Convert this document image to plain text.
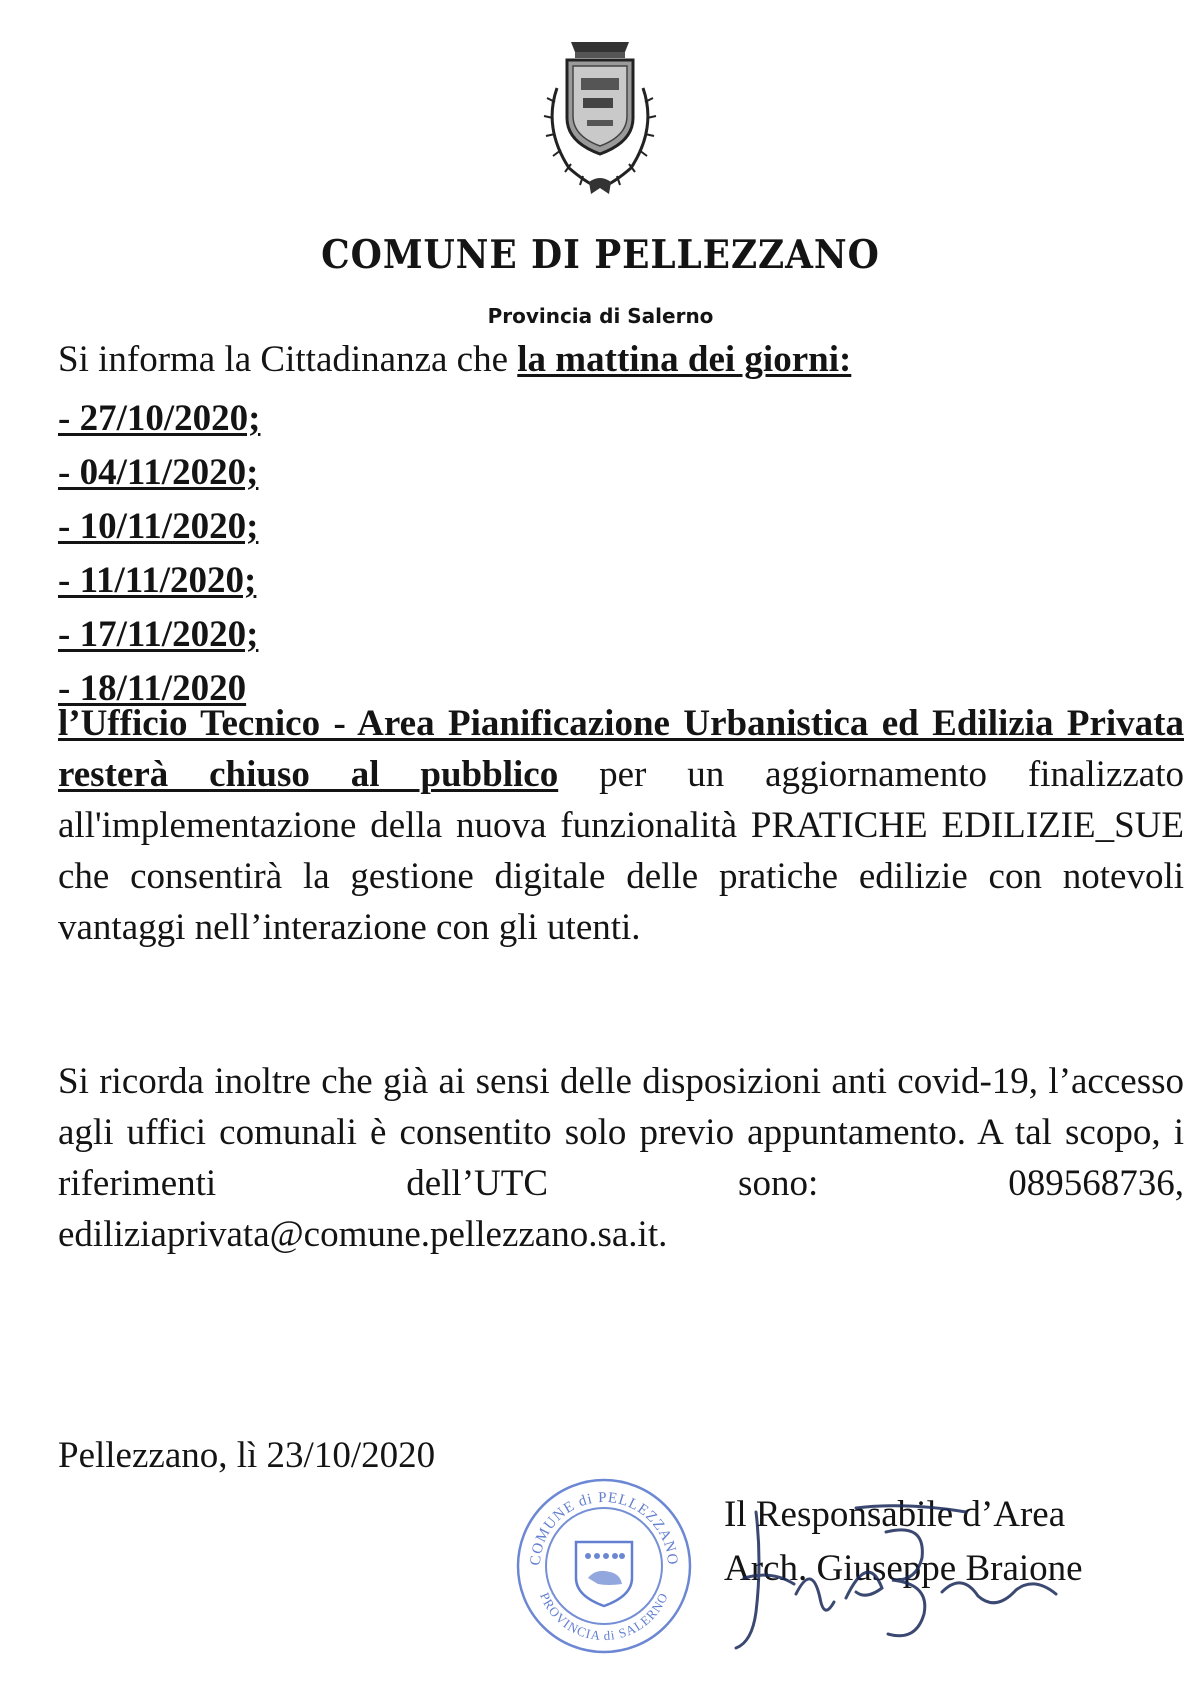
COMUNE DI PELLEZZANO
Provincia di Salerno
Si informa la Cittadinanza che la mattina dei giorni:
- 27/10/2020;
- 04/11/2020;
- 10/11/2020;
- 11/11/2020;
- 17/11/2020;
- 18/11/2020

l’Ufficio Tecnico - Area Pianificazione Urbanistica ed Edilizia Privata resterà chiuso al pubblico per un aggiornamento finalizzato all'implementazione della nuova funzionalità PRATICHE EDILIZIE_SUE che consentirà la gestione digitale delle pratiche edilizie con notevoli vantaggi nell’interazione con gli utenti.

Si ricorda inoltre che già ai sensi delle disposizioni anti covid-19, l’accesso agli uffici comunali è consentito solo previo appuntamento. A tal scopo, i riferimenti dell’UTC sono: 089568736, ediliziaprivata@comune.pellezzano.sa.it.

Pellezzano, lì 23/10/2020
COMUNE di PELLEZZANO
PROVINCIA di SALERNO
Il Responsabile d’Area
Arch. Giuseppe Braione
